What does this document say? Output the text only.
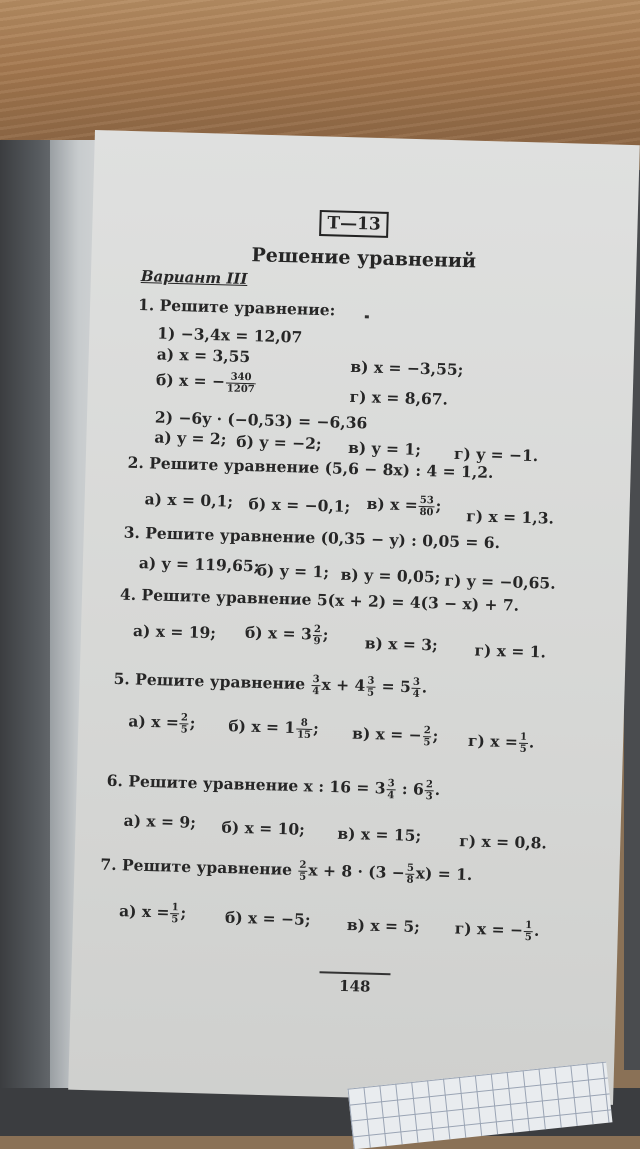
Т—13
Решение уравнений
Вариант III
1. Решите уравнение:
1) −3,4x = 12,07
а) x = 3,55
в) x = −3,55;
б) x = − $\frac{340}{1207}$
г) x = 8,67.
2) −6y · (−0,53) = −6,36
а) y = 2; б) y = −2; в) y = 1; г) y = −1.
2. Решите уравнение (5,6 − 8x) : 4 = 1,2.
а) x = 0,1; б) x = −0,1; в) $x = \frac{53}{80}$ ;
г) x = 1,3.
3. Решите уравнение (0,35 − y) : 0,05 = 6.
а) y = 119,65;
б) y = 1; в) y = 0,05; г) y = −0,65.
4. Решите уравнение 5(x + 2) = 4(3 − x) + 7.
а) x = 19; б) $x = 3 \frac{2}{9}$ ; в) x = 3; г) x = 1.
5. Решите уравнение $\frac{3}{4}$ $x + 4 \frac{3}{5} = 5 \frac{3}{4}$ .
а) $x = \frac{2}{5}$ ; б) $x = 1 \frac{8}{15}$ ; в) x = − $\frac{2}{5}$ ; г) $x = \frac{1}{5}$ .
6. Решите уравнение x : $16 = 3 \frac{3}{4}$ : $6 \frac{2}{3}$ .
а) x = 9; б) x = 10; в) x = 15; г) x = 0,8.
7. Решите уравнение $\frac{2}{5}$ $x + 8 \cdot (3 - \frac{5}{8} x) = 1$.
а) $x = \frac{1}{5}$ ; б) x = −5; в) x = 5; г) x = − $\frac{1}{5}$ .
148
